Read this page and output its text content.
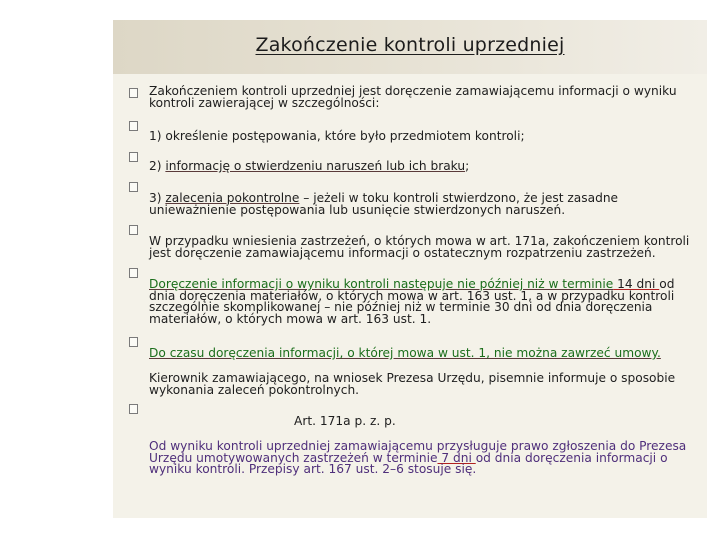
Zakończenie kontroli uprzedniej
Zakończeniem kontroli uprzedniej jest doręczenie zamawiającemu informacji o wyniku kontroli zawierającej w szczególności:
1) określenie postępowania, które było przedmiotem kontroli;
2) informację o stwierdzeniu naruszeń lub ich braku;
3) zalecenia pokontrolne – jeżeli w toku kontroli stwierdzono, że jest zasadne unieważnienie postępowania lub usunięcie stwierdzonych naruszeń.
W przypadku wniesienia zastrzeżeń, o których mowa w art. 171a, zakończeniem kontroli jest doręczenie zamawiającemu informacji o ostatecznym rozpatrzeniu zastrzeżeń.
Doręczenie informacji o wyniku kontroli następuje nie później niż w terminie 14 dni od dnia doręczenia materiałów, o których mowa w art. 163 ust. 1, a w przypadku kontroli szczególnie skomplikowanej – nie później niż w terminie 30 dni od dnia doręczenia materiałów, o których mowa w art. 163 ust. 1.
Do czasu doręczenia informacji, o której mowa w ust. 1, nie można zawrzeć umowy.
Kierownik zamawiającego, na wniosek Prezesa Urzędu, pisemnie informuje o sposobie wykonania zaleceń pokontrolnych.
Art. 171a p. z. p.
Od wyniku kontroli uprzedniej zamawiającemu przysługuje prawo zgłoszenia do Prezesa Urzędu umotywowanych zastrzeżeń w terminie 7 dni od dnia doręczenia informacji o wyniku kontroli. Przepisy art. 167 ust. 2–6 stosuje się.
